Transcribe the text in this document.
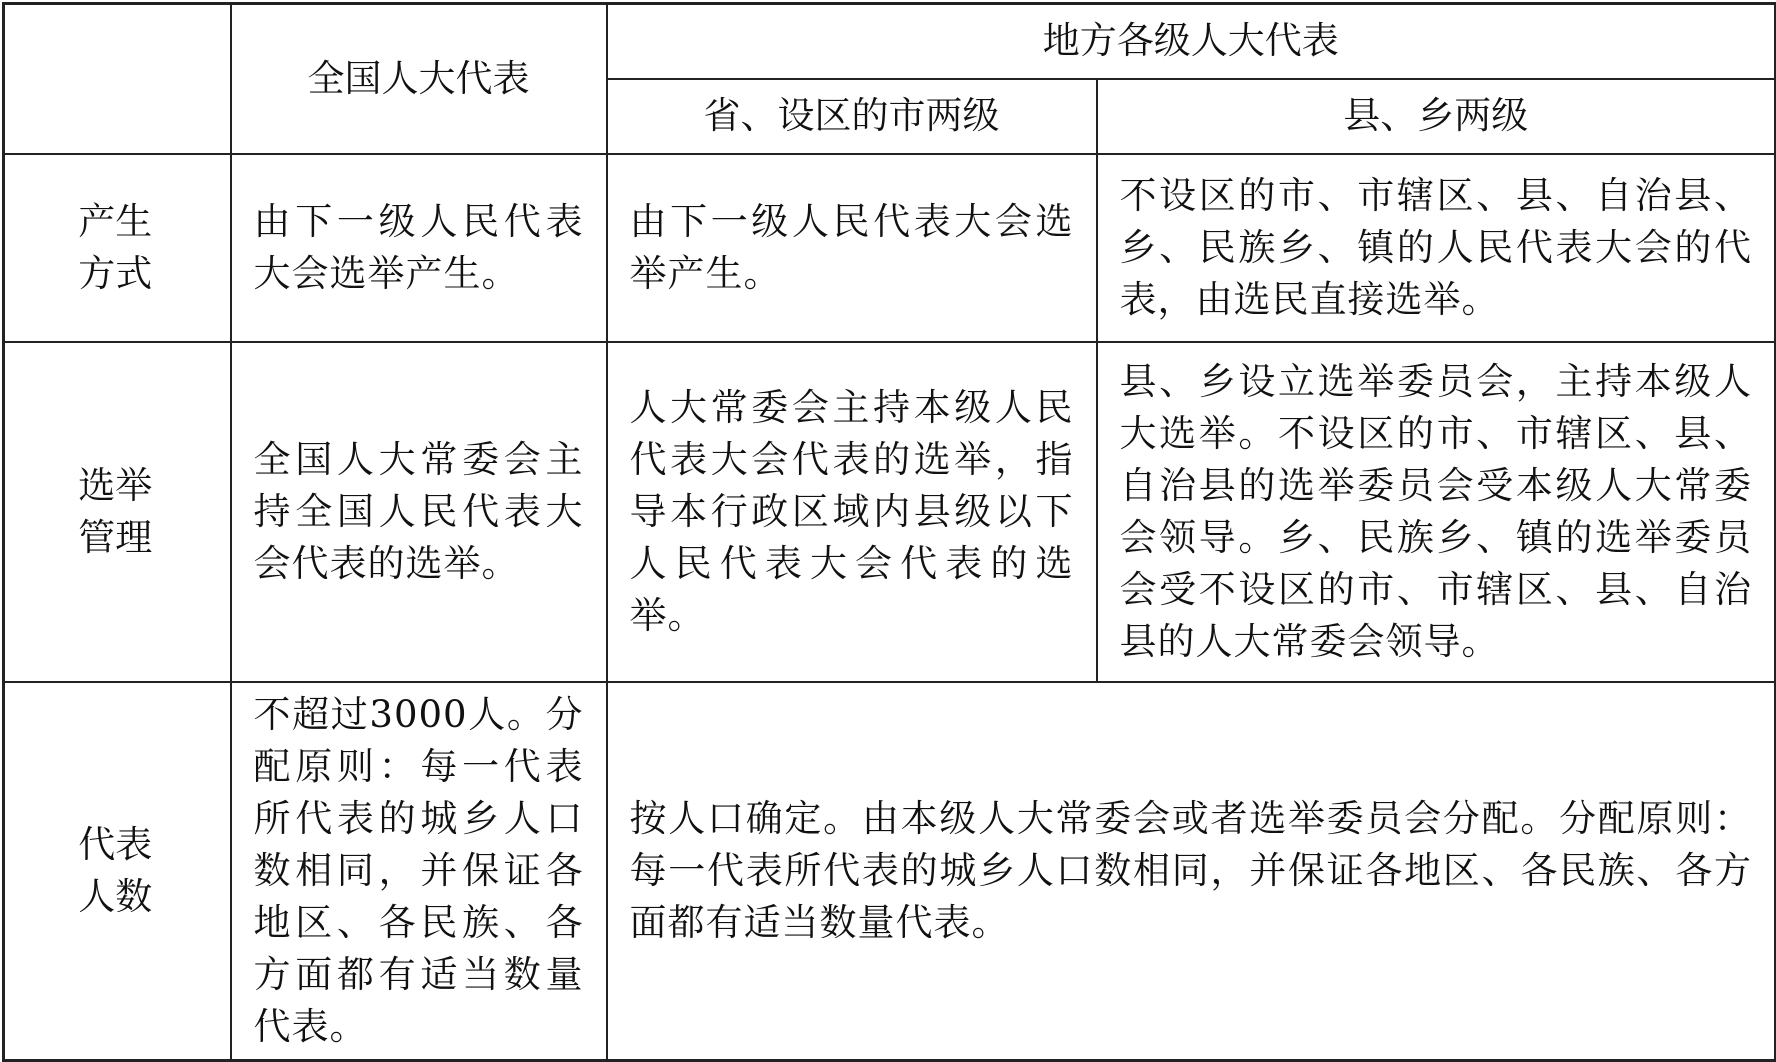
	全国人大代表	地方各级人大代表	
		省、设区的市两级	县、乡两级

产生方式	由下一级人民代表大会选举产生。	由下一级人民代表大会选举产生。	不设区的市、市辖区、县、自治县、乡、民族乡、镇的人民代表大会的代表，由选民直接选举。

选举管理	全国人大常委会主持全国人民代表大会代表的选举。	人大常委会主持本级人民代表大会代表的选举，指导本行政区域内县级以下人民代表大会代表的选举。	县、乡设立选举委员会，主持本级人大选举。不设区的市、市辖区、县、自治县的选举委员会受本级人大常委会领导。乡、民族乡、镇的选举委员会受不设区的市、市辖区、县、自治县的人大常委会领导。

代表人数	不超过3000人。分配原则：每一代表所代表的城乡人口数相同，并保证各地区、各民族、各方面都有适当数量代表。	按人口确定。由本级人大常委会或者选举委员会分配。分配原则：每一代表所代表的城乡人口数相同，并保证各地区、各民族、各方面都有适当数量代表。	
